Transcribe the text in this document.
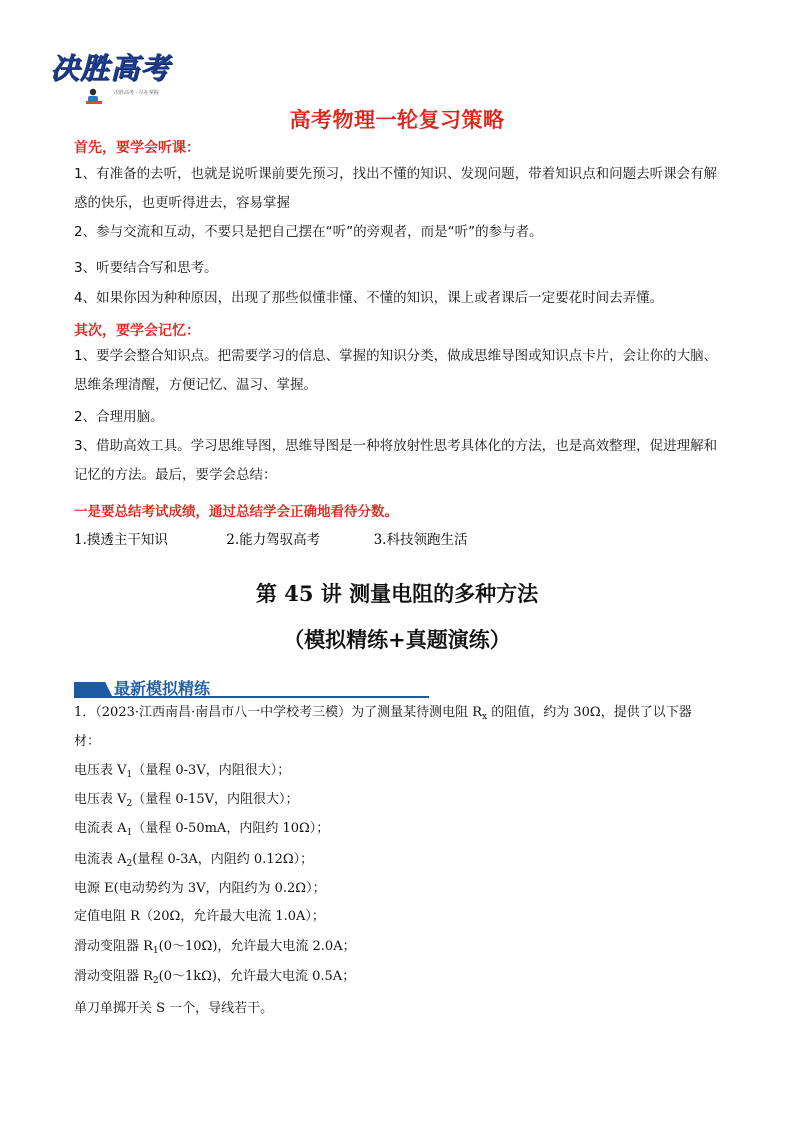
决胜高考
决胜高考 · 尽在掌握
高考物理一轮复习策略
首先，要学会听课：
1、有准备的去听，也就是说听课前要先预习，找出不懂的知识、发现问题，带着知识点和问题去听课会有解惑的快乐，也更听得进去，容易掌握
2、参与交流和互动，不要只是把自己摆在“听”的旁观者，而是“听”的参与者。
3、听要结合写和思考。
4、如果你因为种种原因，出现了那些似懂非懂、不懂的知识，课上或者课后一定要花时间去弄懂。
其次，要学会记忆：
1、要学会整合知识点。把需要学习的信息、掌握的知识分类，做成思维导图或知识点卡片，会让你的大脑、思维条理清醒，方便记忆、温习、掌握。
2、合理用脑。
3、借助高效工具。学习思维导图，思维导图是一种将放射性思考具体化的方法，也是高效整理，促进理解和记忆的方法。最后，要学会总结：
一是要总结考试成绩，通过总结学会正确地看待分数。
1.摸透主干知识	2.能力驾驭高考	3.科技领跑生活
第 45 讲 测量电阻的多种方法
（模拟精练+真题演练）
最新模拟精练
1．（2023·江西南昌·南昌市八一中学校考三模）为了测量某待测电阻 $R_x$ 的阻值，约为 30Ω，提供了以下器
材：
电压表 $V_1$（量程 0-3V，内阻很大）；
电压表 $V_2$（量程 0-15V，内阻很大）；
电流表 $A_1$（量程 0-50mA，内阻约 10Ω）；
电流表 $A_2$(量程 0-3A，内阻约 0.12Ω）；
电源 E(电动势约为 3V，内阻约为 0.2Ω）；
定值电阻 R（20Ω，允许最大电流 1.0A）；
滑动变阻器 $R_1(0\sim 10\Omega)$，允许最大电流 2.0A；
滑动变阻器 $R_2(0\sim 1k\Omega)$，允许最大电流 0.5A；
单刀单掷开关 S 一个，导线若干。
